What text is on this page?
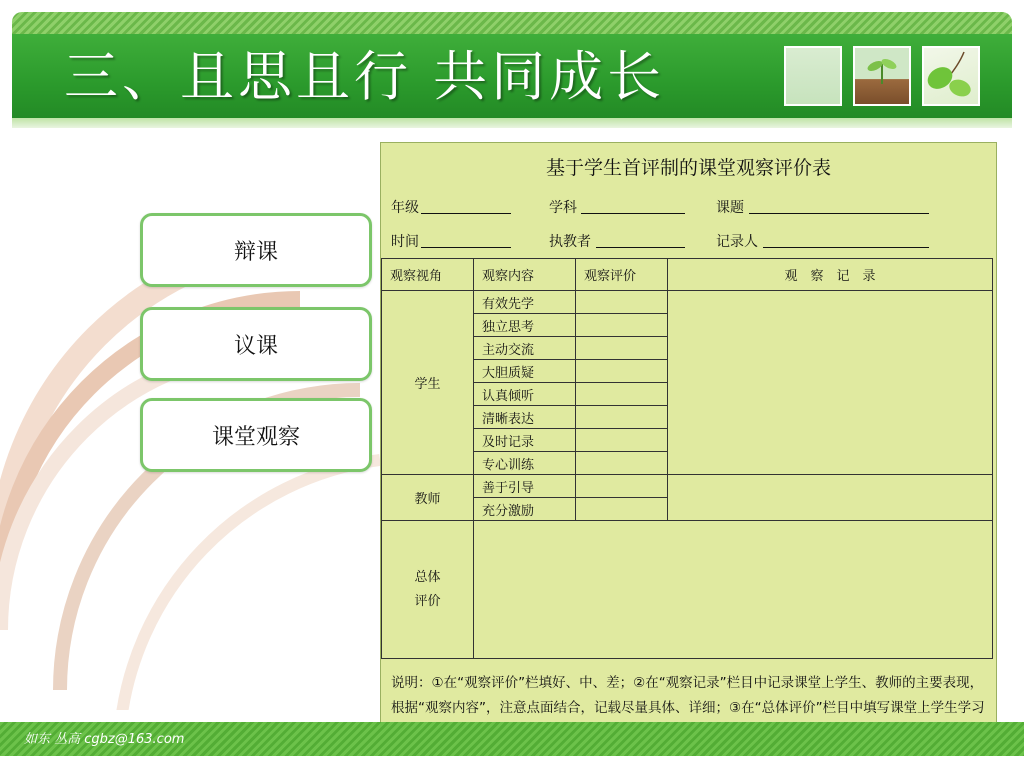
三、且思且行 共同成长
辩课
议课
课堂观察
基于学生首评制的课堂观察评价表
年级	学科	课题
时间	执教者	记录人
观察视角	观察内容	观察评价	观　察　记　录
学生	有效先学		
	独立思考		
	主动交流		
	大胆质疑		
	认真倾听		
	清晰表达		
	及时记录		
	专心训练		
教师	善于引导		
	充分激励		
总体
评价			
说明：①在“观察评价”栏填好、中、差；②在“观察记录”栏目中记录课堂上学生、教师的主要表现，根据“观察内容”，注意点面结合，记载尽量具体、详细；③在“总体评价”栏目中填写课堂上学生学习
如东 丛高 cgbz@163.com
